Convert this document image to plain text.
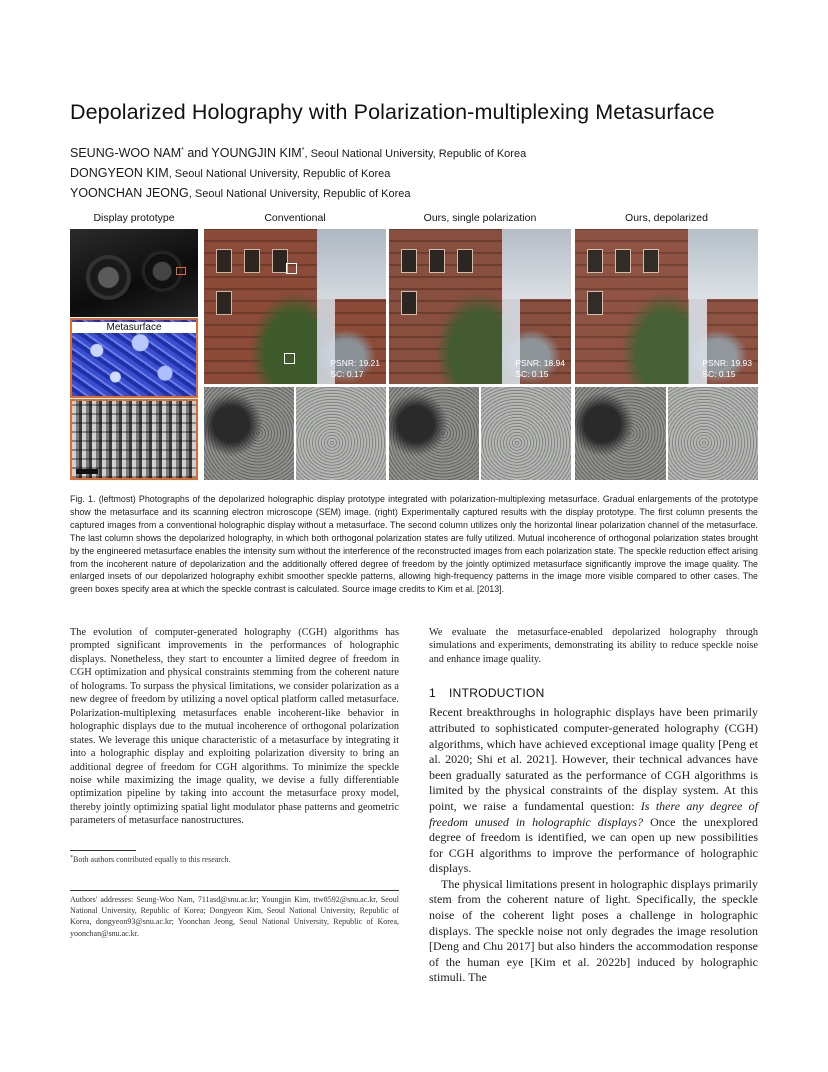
Depolarized Holography with Polarization-multiplexing Metasurface
SEUNG-WOO NAM* and YOUNGJIN KIM*, Seoul National University, Republic of Korea
DONGYEON KIM, Seoul National University, Republic of Korea
YOONCHAN JEONG, Seoul National University, Republic of Korea
Display prototype	Conventional	Ours, single polarization	Ours, depolarized
Metasurface
PSNR: 19.21
SC: 0.17
PSNR: 18.94
SC: 0.15
PSNR: 19.93
SC: 0.15
Fig. 1. (leftmost) Photographs of the depolarized holographic display prototype integrated with polarization-multiplexing metasurface. Gradual enlargements of the prototype show the metasurface and its scanning electron microscope (SEM) image. (right) Experimentally captured results with the display prototype. The first column presents the captured images from a conventional holographic display without a metasurface. The second column utilizes only the horizontal linear polarization channel of the metasurface. The last column shows the depolarized holography, in which both orthogonal polarization states are fully utilized. Mutual incoherence of orthogonal polarization states brought by the engineered metasurface enables the intensity sum without the interference of the reconstructed images from each polarization state. The speckle reduction effect arising from the incoherent nature of depolarization and the additionally offered degree of freedom by the jointly optimized metasurface significantly improve the image quality. The enlarged insets of our depolarized holography exhibit smoother speckle patterns, allowing high-frequency patterns in the image more visible compared to other cases. The green boxes specify area at which the speckle contrast is calculated. Source image credits to Kim et al. [2013].
The evolution of computer-generated holography (CGH) algorithms has prompted significant improvements in the performances of holographic displays. Nonetheless, they start to encounter a limited degree of freedom in CGH optimization and physical constraints stemming from the coherent nature of holograms. To surpass the physical limitations, we consider polarization as a new degree of freedom by utilizing a novel optical platform called metasurface. Polarization-multiplexing metasurfaces enable incoherent-like behavior in holographic displays due to the mutual incoherence of orthogonal polarization states. We leverage this unique characteristic of a metasurface by integrating it into a holographic display and exploiting polarization diversity to bring an additional degree of freedom for CGH algorithms. To minimize the speckle noise while maximizing the image quality, we devise a fully differentiable optimization pipeline by taking into account the metasurface proxy model, thereby jointly optimizing spatial light modulator phase patterns and geometric parameters of metasurface nanostructures.
*Both authors contributed equally to this research.
Authors' addresses: Seung-Woo Nam, 711asd@snu.ac.kr; Youngjin Kim, ttw8592@snu.ac.kr, Seoul National University, Republic of Korea; Dongyeon Kim, Seoul National University, Republic of Korea, dongyeon93@snu.ac.kr; Yoonchan Jeong, Seoul National University, Republic of Korea, yoonchan@snu.ac.kr.

We evaluate the metasurface-enabled depolarized holography through simulations and experiments, demonstrating its ability to reduce speckle noise and enhance image quality.

1 INTRODUCTION

Recent breakthroughs in holographic displays have been primarily attributed to sophisticated computer-generated holography (CGH) algorithms, which have achieved exceptional image quality [Peng et al. 2020; Shi et al. 2021]. However, their technical advances have been gradually saturated as the performance of CGH algorithms is limited by the physical constraints of the display system. At this point, we raise a fundamental question: Is there any degree of freedom unused in holographic displays? Once the unexplored degree of freedom is identified, we can open up new possibilities for CGH algorithms to improve the performance of holographic displays.

The physical limitations present in holographic displays primarily stem from the coherent nature of light. Specifically, the speckle noise of the coherent light poses a challenge in holographic displays. The speckle noise not only degrades the image resolution [Deng and Chu 2017] but also hinders the accommodation response of the human eye [Kim et al. 2022b] induced by holographic stimuli. The
